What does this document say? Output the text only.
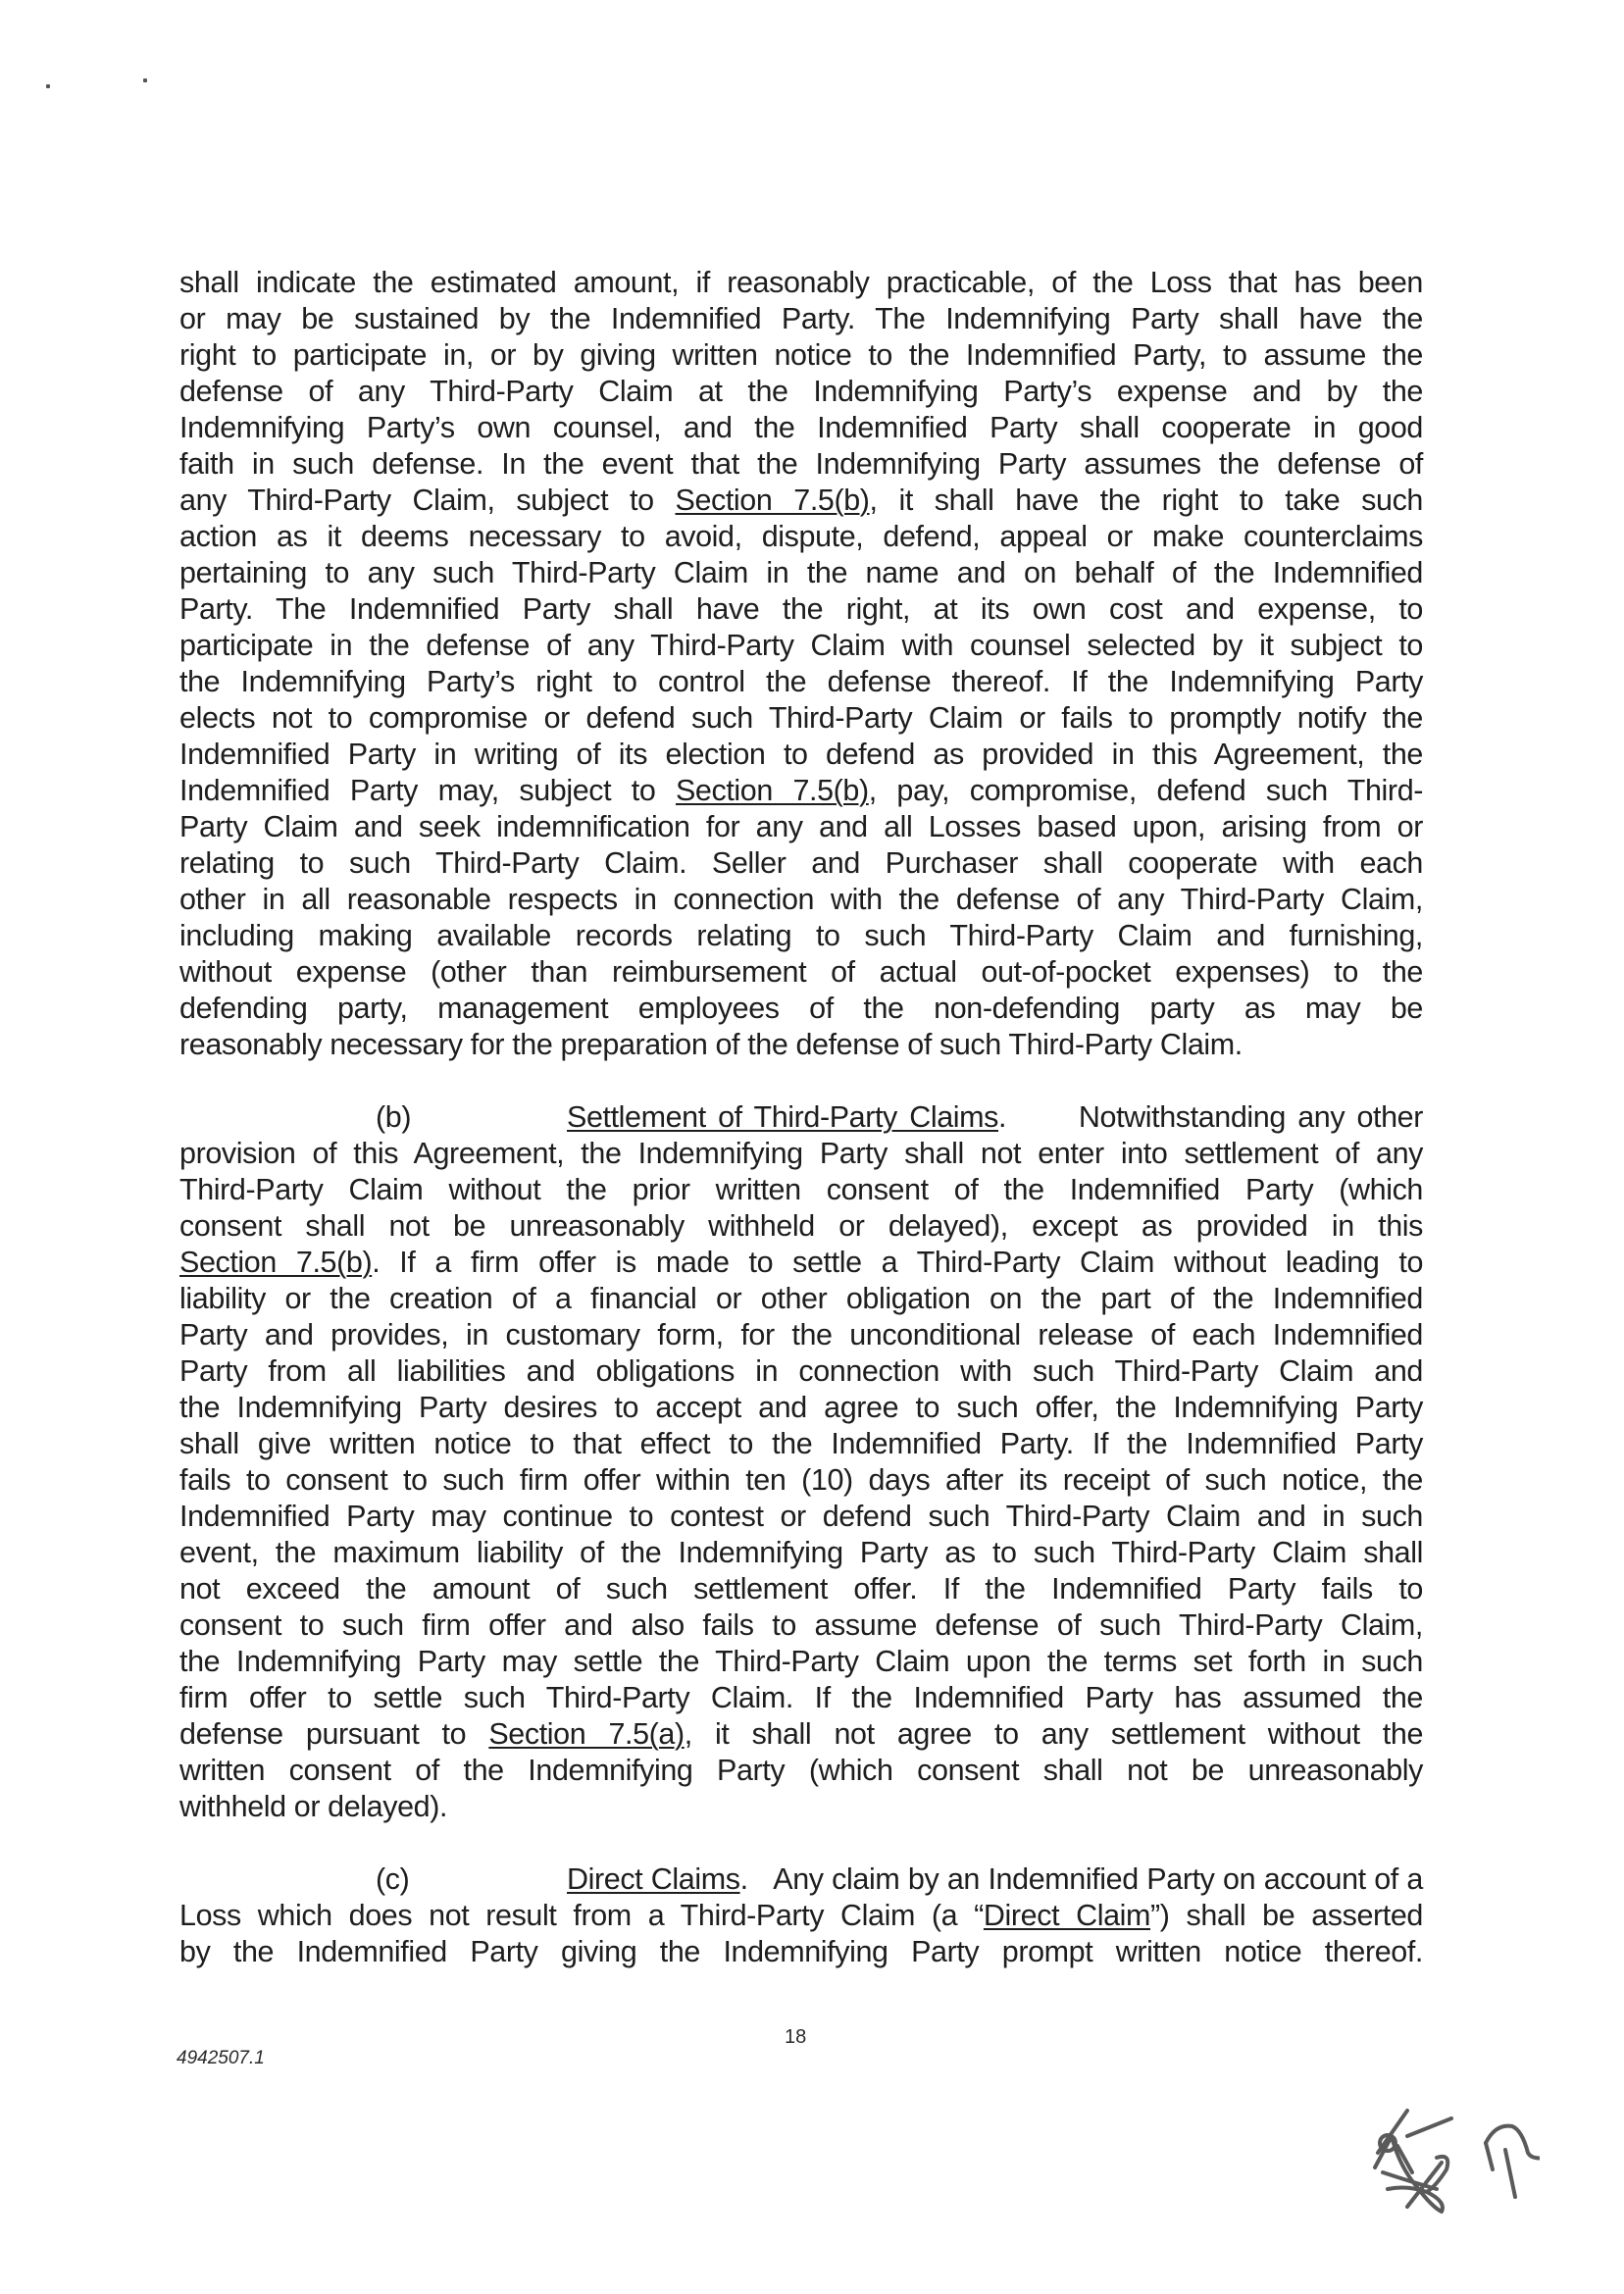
shall indicate the estimated amount, if reasonably practicable, of the Loss that has been
or may be sustained by the Indemnified Party. The Indemnifying Party shall have the
right to participate in, or by giving written notice to the Indemnified Party, to assume the
defense of any Third-Party Claim at the Indemnifying Party’s expense and by the
Indemnifying Party’s own counsel, and the Indemnified Party shall cooperate in good
faith in such defense. In the event that the Indemnifying Party assumes the defense of
any Third-Party Claim, subject to Section 7.5(b), it shall have the right to take such
action as it deems necessary to avoid, dispute, defend, appeal or make counterclaims
pertaining to any such Third-Party Claim in the name and on behalf of the Indemnified
Party. The Indemnified Party shall have the right, at its own cost and expense, to
participate in the defense of any Third-Party Claim with counsel selected by it subject to
the Indemnifying Party’s right to control the defense thereof. If the Indemnifying Party
elects not to compromise or defend such Third-Party Claim or fails to promptly notify the
Indemnified Party in writing of its election to defend as provided in this Agreement, the
Indemnified Party may, subject to Section 7.5(b), pay, compromise, defend such Third-
Party Claim and seek indemnification for any and all Losses based upon, arising from or
relating to such Third-Party Claim. Seller and Purchaser shall cooperate with each
other in all reasonable respects in connection with the defense of any Third-Party Claim,
including making available records relating to such Third-Party Claim and furnishing,
without expense (other than reimbursement of actual out-of-pocket expenses) to the
defending party, management employees of the non-defending party as may be
reasonably necessary for the preparation of the defense of such Third-Party Claim.
(b)	Settlement of Third-Party Claims. Notwithstanding any other
provision of this Agreement, the Indemnifying Party shall not enter into settlement of any
Third-Party Claim without the prior written consent of the Indemnified Party (which
consent shall not be unreasonably withheld or delayed), except as provided in this
Section 7.5(b). If a firm offer is made to settle a Third-Party Claim without leading to
liability or the creation of a financial or other obligation on the part of the Indemnified
Party and provides, in customary form, for the unconditional release of each Indemnified
Party from all liabilities and obligations in connection with such Third-Party Claim and
the Indemnifying Party desires to accept and agree to such offer, the Indemnifying Party
shall give written notice to that effect to the Indemnified Party. If the Indemnified Party
fails to consent to such firm offer within ten (10) days after its receipt of such notice, the
Indemnified Party may continue to contest or defend such Third-Party Claim and in such
event, the maximum liability of the Indemnifying Party as to such Third-Party Claim shall
not exceed the amount of such settlement offer. If the Indemnified Party fails to
consent to such firm offer and also fails to assume defense of such Third-Party Claim,
the Indemnifying Party may settle the Third-Party Claim upon the terms set forth in such
firm offer to settle such Third-Party Claim. If the Indemnified Party has assumed the
defense pursuant to Section 7.5(a), it shall not agree to any settlement without the
written consent of the Indemnifying Party (which consent shall not be unreasonably
withheld or delayed).
(c)	Direct Claims. Any claim by an Indemnified Party on account of a
Loss which does not result from a Third-Party Claim (a “Direct Claim”) shall be asserted
by the Indemnified Party giving the Indemnifying Party prompt written notice thereof.
18
4942507.1
